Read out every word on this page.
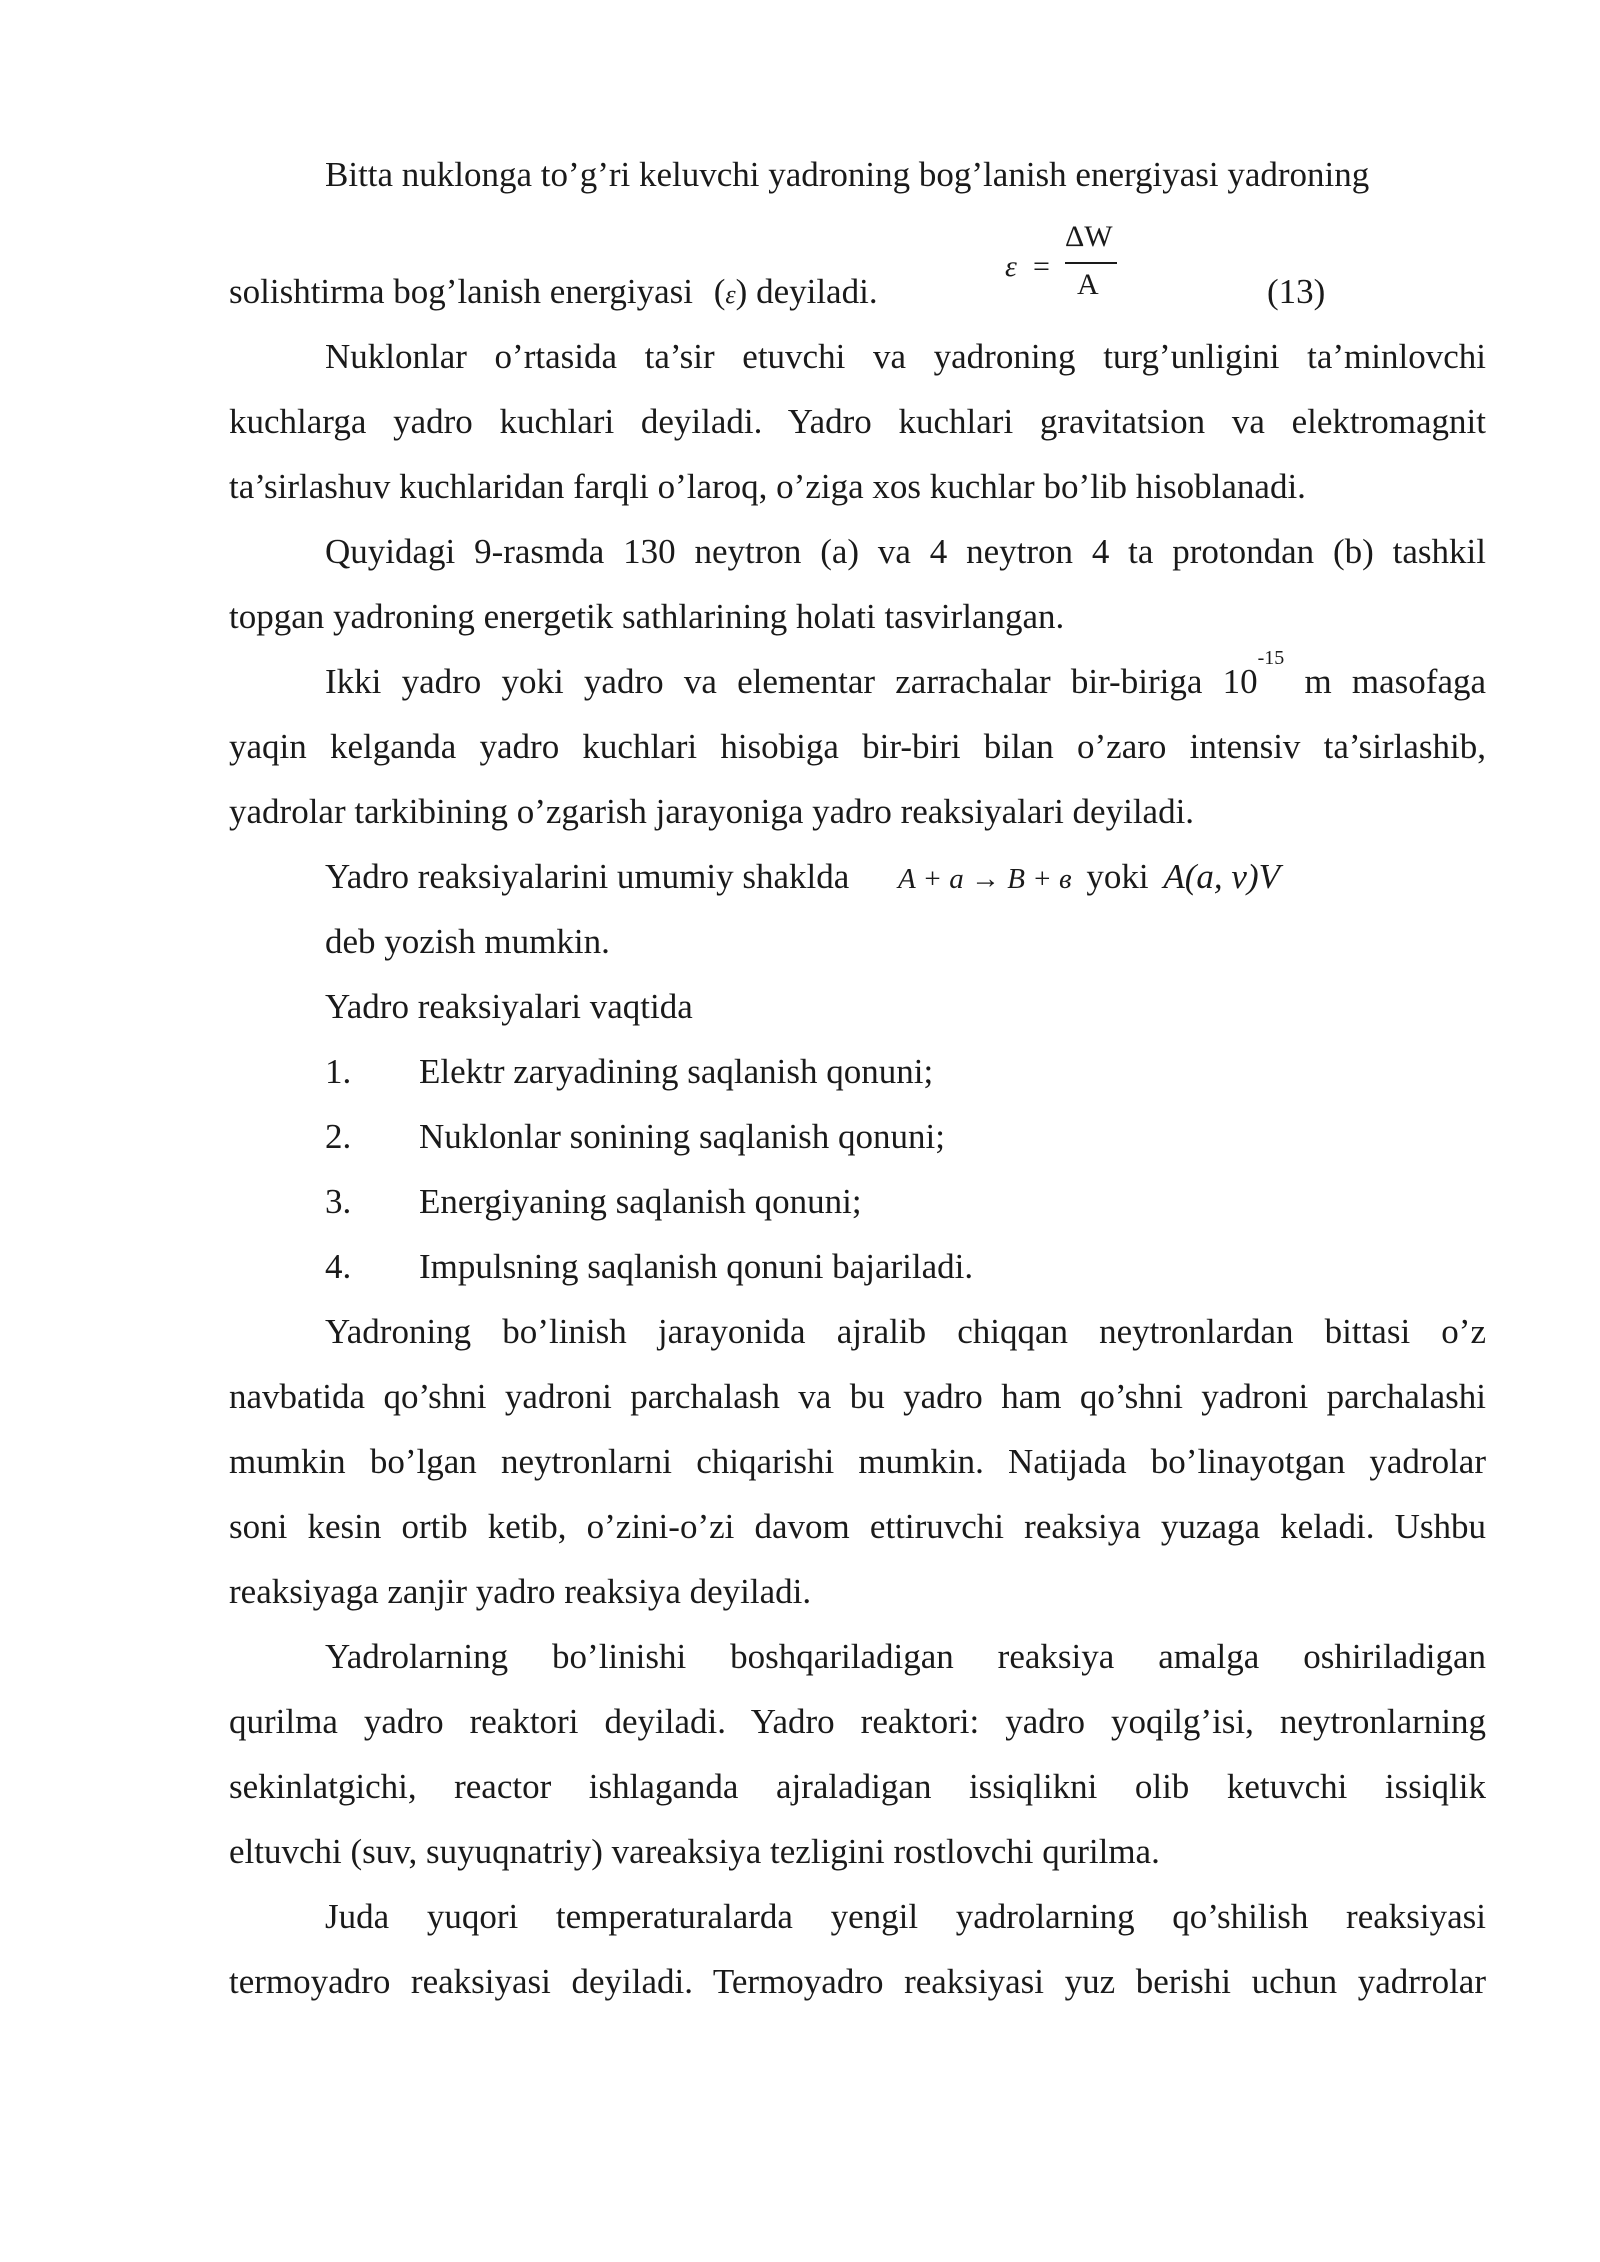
Bitta nuklonga to’g’ri keluvchi yadroning bog’lanish energiyasi yadroning
solishtirma bog’lanish energiyasi (ε) deyiladi.
ε =
ΔW
A	(13)
Nuklonlar o’rtasida ta’sir etuvchi va yadroning turg’unligini ta’minlovchi
kuchlarga yadro kuchlari deyiladi. Yadro kuchlari gravitatsion va elektromagnit
ta’sirlashuv kuchlaridan farqli o’laroq, o’ziga xos kuchlar bo’lib hisoblanadi.
Quyidagi 9-rasmda 130 neytron (a) va 4 neytron 4 ta protondan (b) tashkil
topgan yadroning energetik sathlarining holati tasvirlangan.
Ikki yadro yoki yadro va elementar zarrachalar bir-biriga $10^{-15}$ m masofaga
yaqin kelganda yadro kuchlari hisobiga bir-biri bilan o’zaro intensiv ta’sirlashib,
yadrolar tarkibining o’zgarish jarayoniga yadro reaksiyalari deyiladi.
Yadro reaksiyalarini umumiy shaklda A + a → B + в yoki A(a, v)V
deb yozish mumkin.
Yadro reaksiyalari vaqtida
1. Elektr zaryadining saqlanish qonuni;
2. Nuklonlar sonining saqlanish qonuni;
3. Energiyaning saqlanish qonuni;
4. Impulsning saqlanish qonuni bajariladi.
Yadroning bo’linish jarayonida ajralib chiqqan neytronlardan bittasi o’z
navbatida qo’shni yadroni parchalash va bu yadro ham qo’shni yadroni parchalashi
mumkin bo’lgan neytronlarni chiqarishi mumkin. Natijada bo’linayotgan yadrolar
soni kesin ortib ketib, o’zini-o’zi davom ettiruvchi reaksiya yuzaga keladi. Ushbu
reaksiyaga zanjir yadro reaksiya deyiladi.
Yadrolarning bo’linishi boshqariladigan reaksiya amalga oshiriladigan
qurilma yadro reaktori deyiladi. Yadro reaktori: yadro yoqilg’isi, neytronlarning
sekinlatgichi, reactor ishlaganda ajraladigan issiqlikni olib ketuvchi issiqlik
eltuvchi (suv, suyuqnatriy) vareaksiya tezligini rostlovchi qurilma.
Juda yuqori temperaturalarda yengil yadrolarning qo’shilish reaksiyasi
termoyadro reaksiyasi deyiladi. Termoyadro reaksiyasi yuz berishi uchun yadrrolar
